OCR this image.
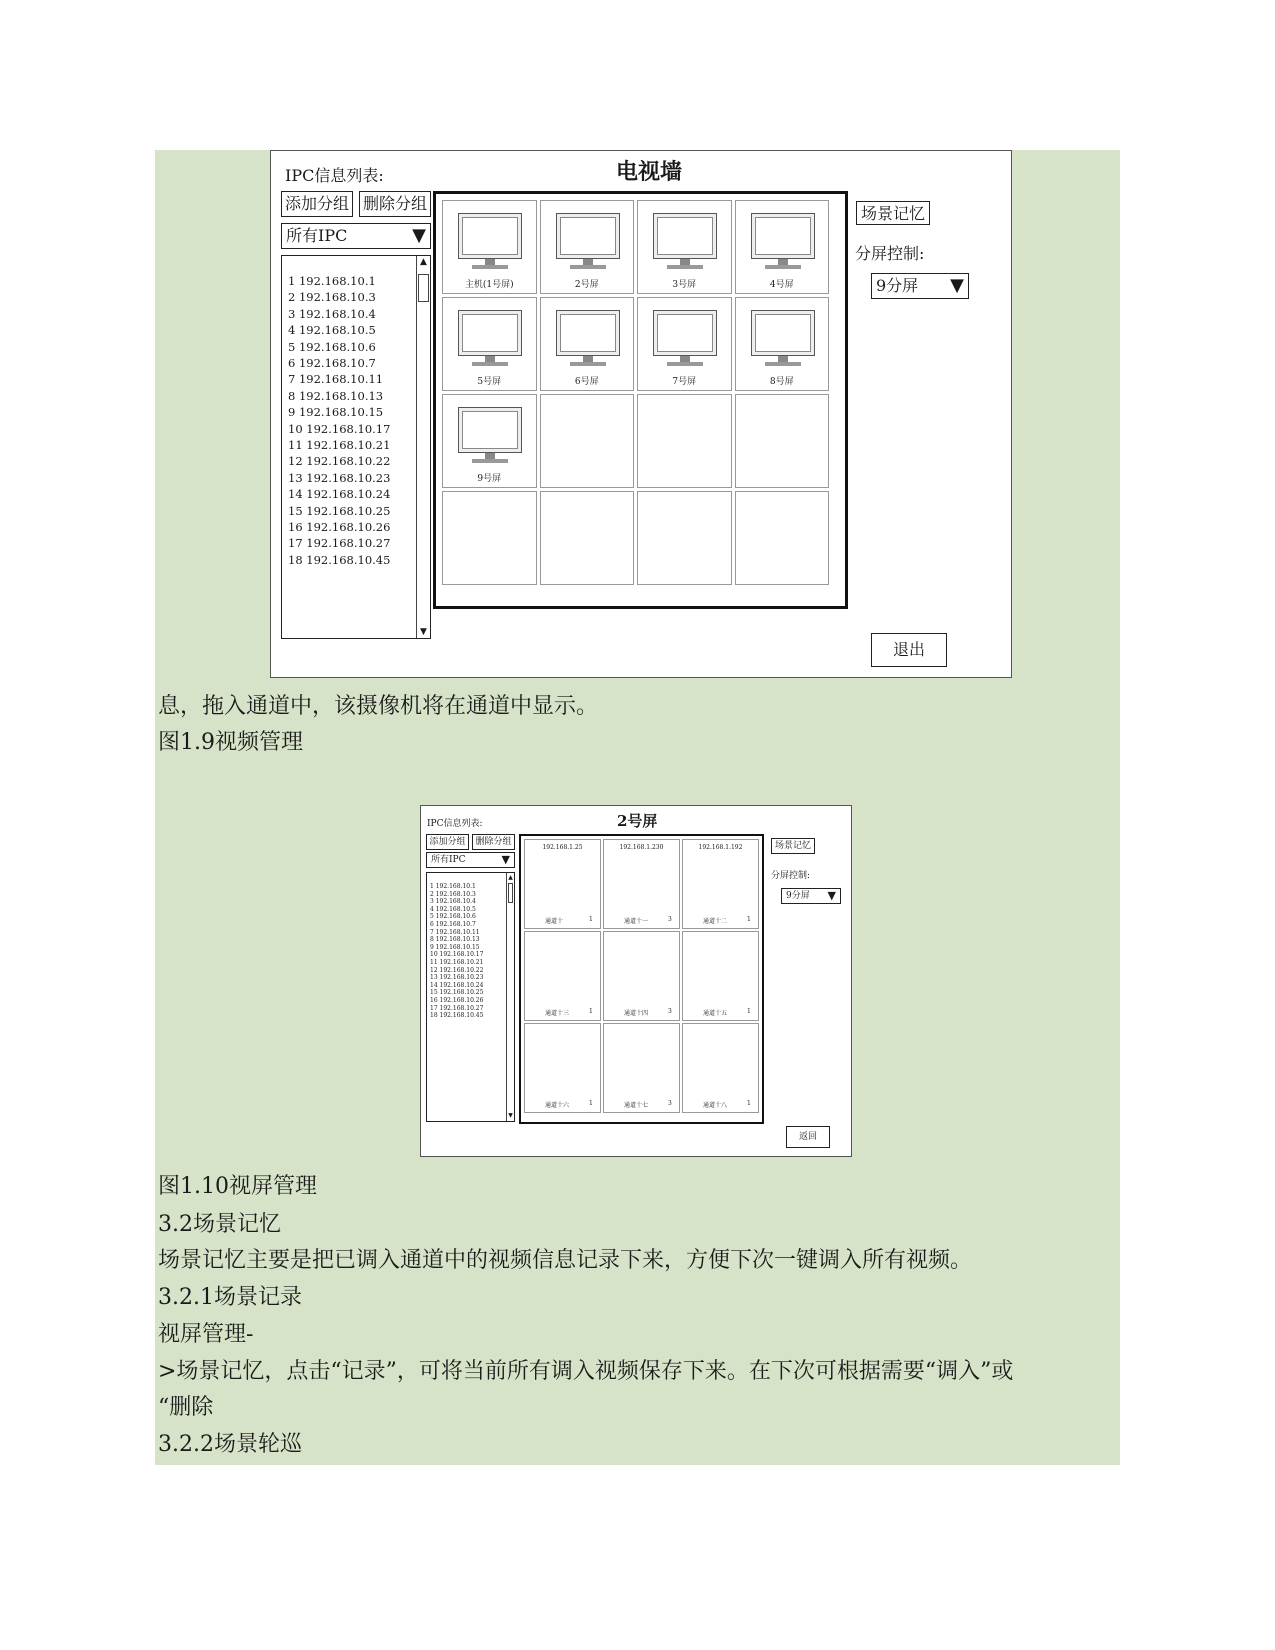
IPC信息列表:	电视墙
添加分组 删除分组
所有IPC	▼
▲
▼
1 192.168.10.1
2 192.168.10.3
3 192.168.10.4
4 192.168.10.5
5 192.168.10.6
6 192.168.10.7
7 192.168.10.11
8 192.168.10.13
9 192.168.10.15
10 192.168.10.17
11 192.168.10.21
12 192.168.10.22
13 192.168.10.23
14 192.168.10.24
15 192.168.10.25
16 192.168.10.26
17 192.168.10.27
18 192.168.10.45
主机(1号屏)	2号屏	3号屏	4号屏
5号屏	6号屏	7号屏	8号屏
9号屏
场景记忆
分屏控制:
9分屏 ▼
退出
息，拖入通道中，该摄像机将在通道中显示。
图1.9视频管理
IPC信息列表:	2号屏
添加分组	删除分组
所有IPC	▼
▲
▼
1 192.168.10.1
2 192.168.10.3
3 192.168.10.4
4 192.168.10.5
5 192.168.10.6
6 192.168.10.7
7 192.168.10.11
8 192.168.10.13
9 192.168.10.15
10 192.168.10.17
11 192.168.10.21
12 192.168.10.22
13 192.168.10.23
14 192.168.10.24
15 192.168.10.25
16 192.168.10.26
17 192.168.10.27
18 192.168.10.45
192.168.1.25
通道十	1
192.168.1.230
通道十一	3
192.168.1.192
通道十二	1
通道十三	1	通道十四	3	通道十五	1
通道十六	1	通道十七	3	通道十八	1
场景记忆
分屏控制:
9分屏 ▼
返回
图1.10视屏管理
3.2场景记忆
场景记忆主要是把已调入通道中的视频信息记录下来，方便下次一键调入所有视频。
3.2.1场景记录
视屏管理-
>场景记忆，点击“记录”，可将当前所有调入视频保存下来。在下次可根据需要“调入”或
“删除
3.2.2场景轮巡
